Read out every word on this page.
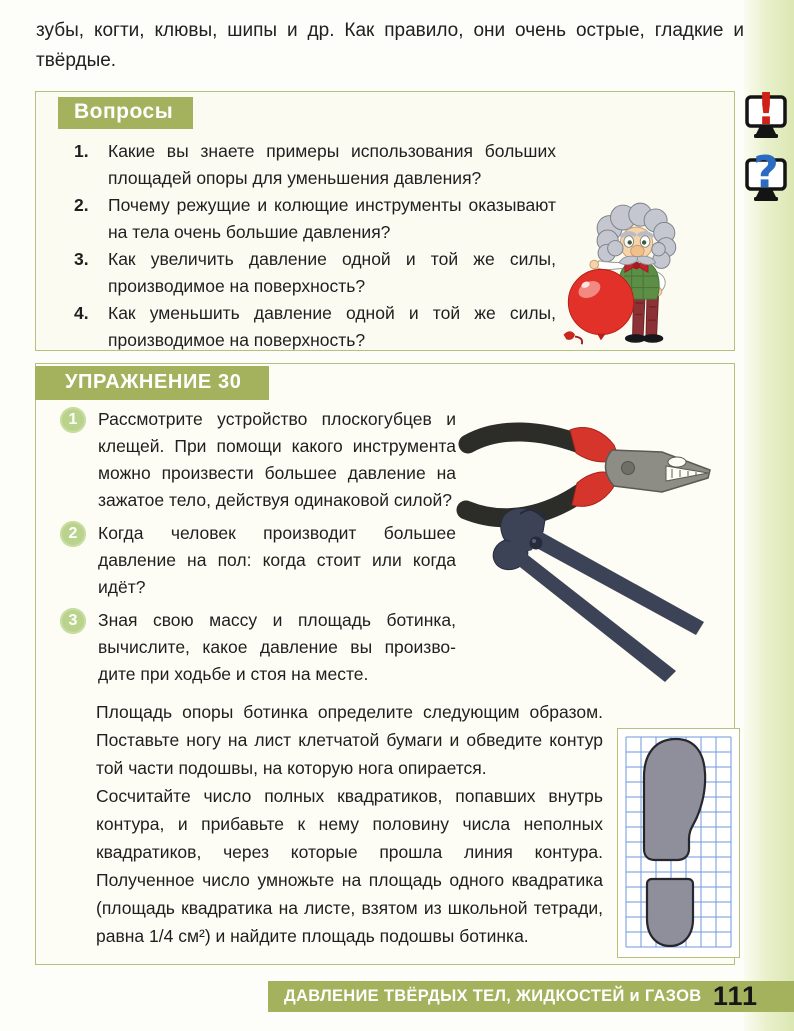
зубы, когти, клювы, шипы и др. Как правило, они очень острые, гладкие и твёрдые.
Вопросы
1.	Какие вы знаете примеры использования больших площадей опоры для уменьшения давления?
2.	Почему режущие и колющие инструменты оказывают на тела очень большие давления?
3.	Как увеличить давление одной и той же силы, производимое на поверхность?
4.	Как уменьшить давление одной и той же силы, производимое на поверхность?
!
?
УПРАЖНЕНИЕ 30
1	Рассмотрите устройство плоскогубцев и клещей. При помощи какого инструмента можно произвести большее давление на зажатое тело, действуя одинаковой силой?
2	Когда человек производит большее давление на пол: когда стоит или когда идёт?
3	Зная свою массу и площадь ботинка, вычислите, какое давление вы производите при ходьбе и стоя на месте.

Площадь опоры ботинка определите следующим образом. Поставьте ногу на лист клетчатой бумаги и обведите контур той части подошвы, на которую нога опирается.

Сосчитайте число полных квадратиков, попавших внутрь контура, и прибавьте к нему половину числа неполных квадратиков, через которые прошла линия контура. Полученное число умножьте на площадь одного квадратика (площадь квадратика на листе, взятом из школьной тетради, равна 1/4 см²) и найдите площадь подошвы ботинка.

ДАВЛЕНИЕ ТВЁРДЫХ ТЕЛ, ЖИДКОСТЕЙ и ГАЗОВ 111
